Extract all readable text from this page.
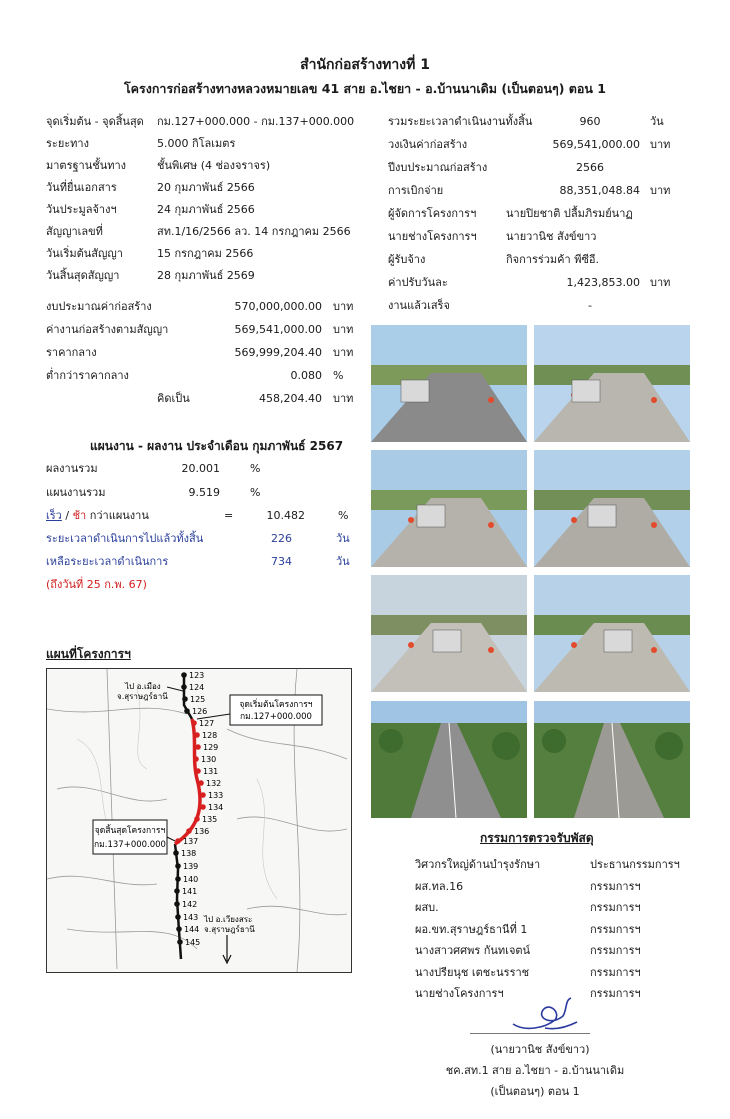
สำนักก่อสร้างทางที่ 1
โครงการก่อสร้างทางหลวงหมายเลข 41 สาย อ.ไชยา - อ.บ้านนาเดิม (เป็นตอนๆ) ตอน 1
จุดเริ่มต้น - จุดสิ้นสุด กม.127+000.000 - กม.137+000.000
ระยะทาง	5.000 กิโลเมตร
มาตรฐานชั้นทาง	ชั้นพิเศษ (4 ช่องจราจร)
วันที่ยื่นเอกสาร	20 กุมภาพันธ์ 2566
วันประมูลจ้างฯ	24 กุมภาพันธ์ 2566
สัญญาเลขที่	สท.1/16/2566 ลว. 14 กรกฎาคม 2566
วันเริ่มต้นสัญญา	15 กรกฎาคม 2566
วันสิ้นสุดสัญญา	28 กุมภาพันธ์ 2569
งบประมาณค่าก่อสร้าง	570,000,000.00 บาท
ค่างานก่อสร้างตามสัญญา	569,541,000.00 บาท
ราคากลาง	569,999,204.40 บาท
ต่ำกว่าราคากลาง	0.080 %
คิดเป็น	458,204.40 บาท
รวมระยะเวลาดำเนินงานทั้งสิ้น	960	วัน
วงเงินค่าก่อสร้าง	569,541,000.00 บาท
ปีงบประมาณก่อสร้าง	2566
การเบิกจ่าย	88,351,048.84 บาท
ผู้จัดการโครงการฯ	นายปิยชาติ ปลื้มภิรมย์นาฏ
นายช่างโครงการฯ	นายวานิช สังข์ขาว
ผู้รับจ้าง	กิจการร่วมค้า พีซีอี.
ค่าปรับวันละ	1,423,853.00 บาท
งานแล้วเสร็จ	-
แผนงาน - ผลงาน ประจำเดือน กุมภาพันธ์ 2567
ผลงานรวม	20.001	%
แผนงานรวม	9.519	%
เร็ว / ช้า กว่าแผนงาน	=	10.482	%
ระยะเวลาดำเนินการไปแล้วทั้งสิ้น	226	วัน
เหลือระยะเวลาดำเนินการ	734	วัน
(ถึงวันที่ 25 ก.พ. 67)
แผนที่โครงการฯ
123
124
125
126
127
128
129
130
131
132
133
134
135
136
137
138
139
140
141
142
143
144
145
จุดเริ่มต้นโครงการฯ
กม.127+000.000
จุดสิ้นสุดโครงการฯ
กม.137+000.000
ไป อ.เมือง
จ.สุราษฎร์ธานี
ไป อ.เวียงสระ
จ.สุราษฎร์ธานี
กรรมการตรวจรับพัสดุ
วิศวกรใหญ่ด้านบำรุงรักษา	ประธานกรรมการฯ
ผส.ทล.16	กรรมการฯ
ผสบ.	กรรมการฯ
ผอ.ขท.สุราษฎร์ธานีที่ 1	กรรมการฯ
นางสาวศศพร กันทเจตน์	กรรมการฯ
นางปรียนุช เตชะนรราช	กรรมการฯ
นายช่างโครงการฯ	กรรมการฯ
(นายวานิช สังข์ขาว)
ชค.สท.1 สาย อ.ไชยา - อ.บ้านนาเดิม
(เป็นตอนๆ) ตอน 1
